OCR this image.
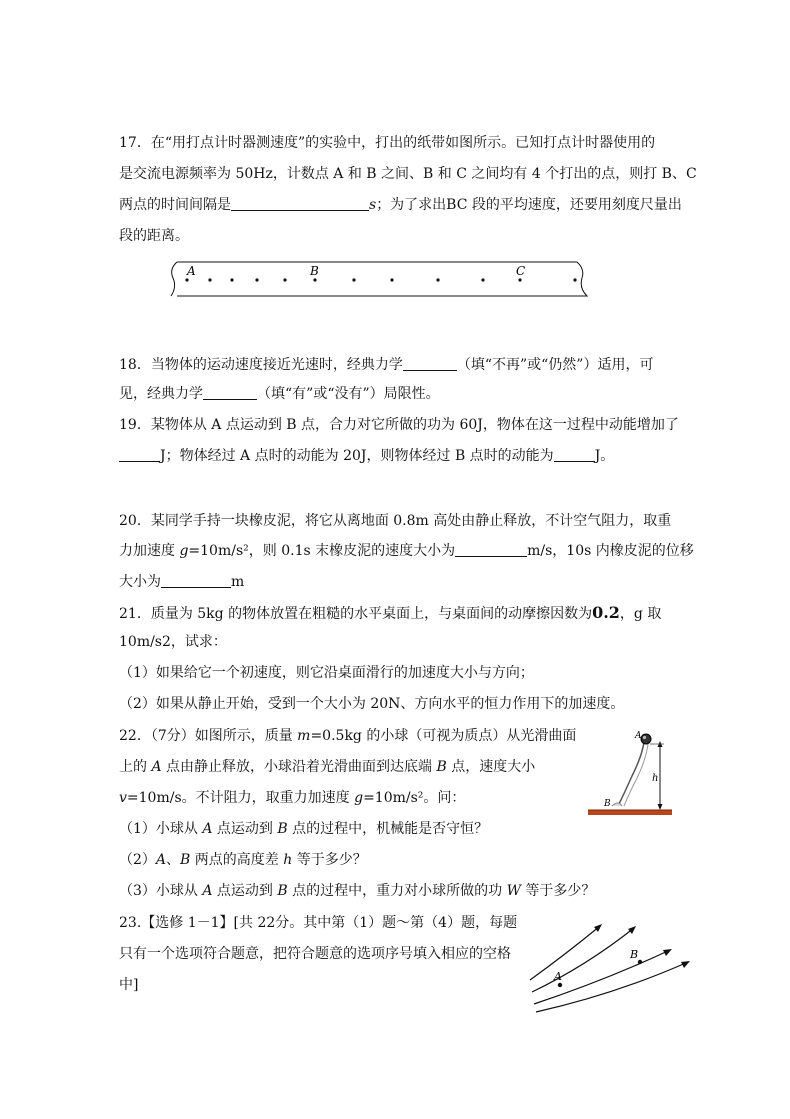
17．在“用打点计时器测速度”的实验中，打出的纸带如图所示。已知打点计时器使用的
是交流电源频率为 50Hz，计数点 A 和 B 之间、B 和 C 之间均有 4 个打出的点，则打 B、C
两点的时间间隔是	s；为了求出BC 段的平均速度，还要用刻度尺量出
段的距离。
A	B	C
18．当物体的运动速度接近光速时，经典力学	（填“不再”或“仍然”）适用，可
见，经典力学	（填“有”或“没有”）局限性。
19．某物体从 A 点运动到 B 点，合力对它所做的功为 60J，物体在这一过程中动能增加了
J；物体经过 A 点时的动能为 20J，则物体经过 B 点时的动能为	J。
20．某同学手持一块橡皮泥，将它从离地面 0.8m 高处由静止释放，不计空气阻力，取重
力加速度 g=10m/s²，则 0.1s 末橡皮泥的速度大小为	m/s，10s 内橡皮泥的位移
大小为	m
21．质量为 5kg 的物体放置在粗糙的水平桌面上，与桌面间的动摩擦因数为0.2，g 取
10m/s2，试求：
（1）如果给它一个初速度，则它沿桌面滑行的加速度大小与方向；
（2）如果从静止开始，受到一个大小为 20N、方向水平的恒力作用下的加速度。
22．（7分）如图所示，质量 m=0.5kg 的小球（可视为质点）从光滑曲面
上的 A 点由静止释放，小球沿着光滑曲面到达底端 B 点，速度大小
v=10m/s。不计阻力，取重力加速度 g=10m/s²。问：
（1）小球从 A 点运动到 B 点的过程中，机械能是否守恒？
（2）A、B 两点的高度差 h 等于多少？
（3）小球从 A 点运动到 B 点的过程中，重力对小球所做的功 W 等于多少？
A
B
h
23.【选修 1－1】[共 22分。其中第（1）题～第（4）题，每题
只有一个选项符合题意，把符合题意的选项序号填入相应的空格
中]
A
B
